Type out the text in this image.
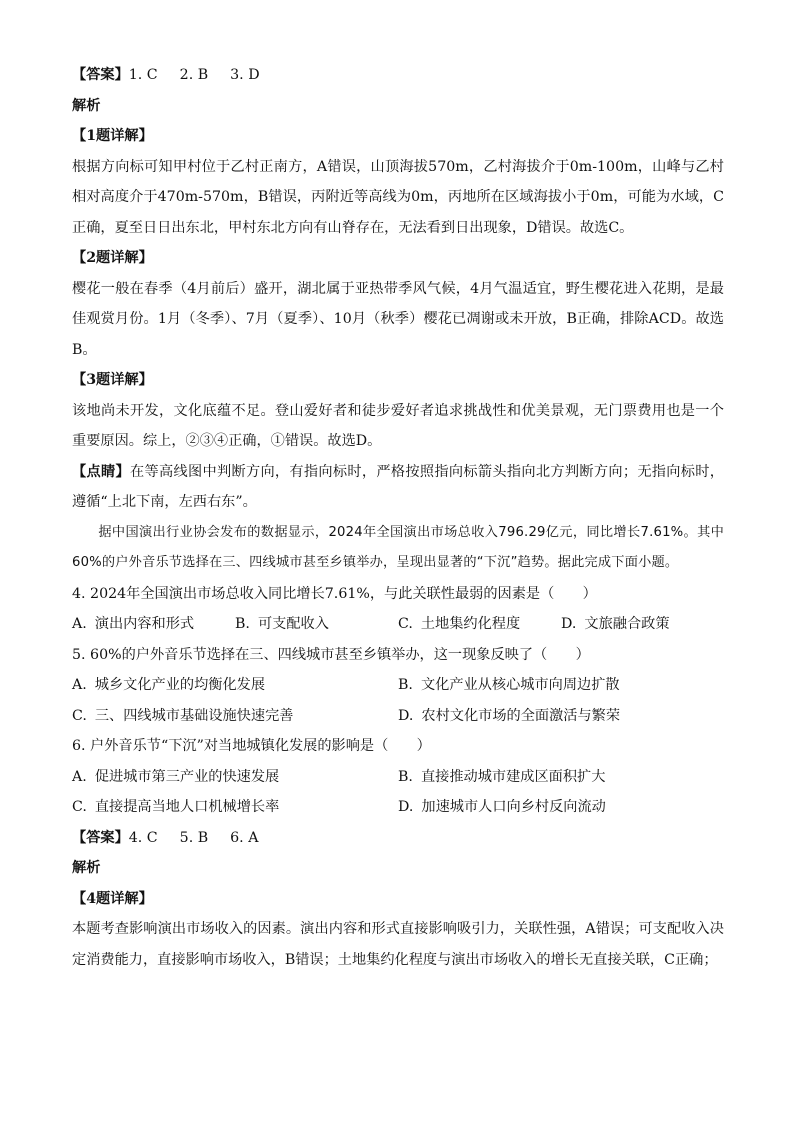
【答案】1. C 2. B 3. D
解析
【1题详解】
根据方向标可知甲村位于乙村正南方，A错误，山顶海拔570m，乙村海拔介于0m-100m，山峰与乙村相对高度介于470m-570m，B错误，丙附近等高线为0m，丙地所在区域海拔小于0m，可能为水域，C正确，夏至日日出东北，甲村东北方向有山脊存在，无法看到日出现象，D错误。故选C。
【2题详解】
樱花一般在春季（4月前后）盛开，湖北属于亚热带季风气候，4月气温适宜，野生樱花进入花期，是最佳观赏月份。1月（冬季）、7月（夏季）、10月（秋季）樱花已凋谢或未开放，B正确，排除ACD。故选B。
【3题详解】
该地尚未开发，文化底蕴不足。登山爱好者和徒步爱好者追求挑战性和优美景观，无门票费用也是一个重要原因。综上，②③④正确，①错误。故选D。
【点睛】在等高线图中判断方向，有指向标时，严格按照指向标箭头指向北方判断方向；无指向标时，遵循“上北下南，左西右东”。
据中国演出行业协会发布的数据显示，2024年全国演出市场总收入796.29亿元，同比增长7.61%。其中60%的户外音乐节选择在三、四线城市甚至乡镇举办，呈现出显著的“下沉”趋势。据此完成下面小题。
4. 2024年全国演出市场总收入同比增长7.61%，与此关联性最弱的因素是（　　）
A. 演出内容和形式	B. 可支配收入	C. 土地集约化程度	D. 文旅融合政策
5. 60%的户外音乐节选择在三、四线城市甚至乡镇举办，这一现象反映了（　　）
A. 城乡文化产业的均衡化发展	B. 文化产业从核心城市向周边扩散
C. 三、四线城市基础设施快速完善	D. 农村文化市场的全面激活与繁荣
6. 户外音乐节“下沉”对当地城镇化发展的影响是（　　）
A. 促进城市第三产业的快速发展	B. 直接推动城市建成区面积扩大
C. 直接提高当地人口机械增长率	D. 加速城市人口向乡村反向流动
【答案】4. C 5. B 6. A
解析
【4题详解】
本题考查影响演出市场收入的因素。演出内容和形式直接影响吸引力，关联性强，A错误；可支配收入决定消费能力，直接影响市场收入，B错误；土地集约化程度与演出市场收入的增长无直接关联，C正确；
